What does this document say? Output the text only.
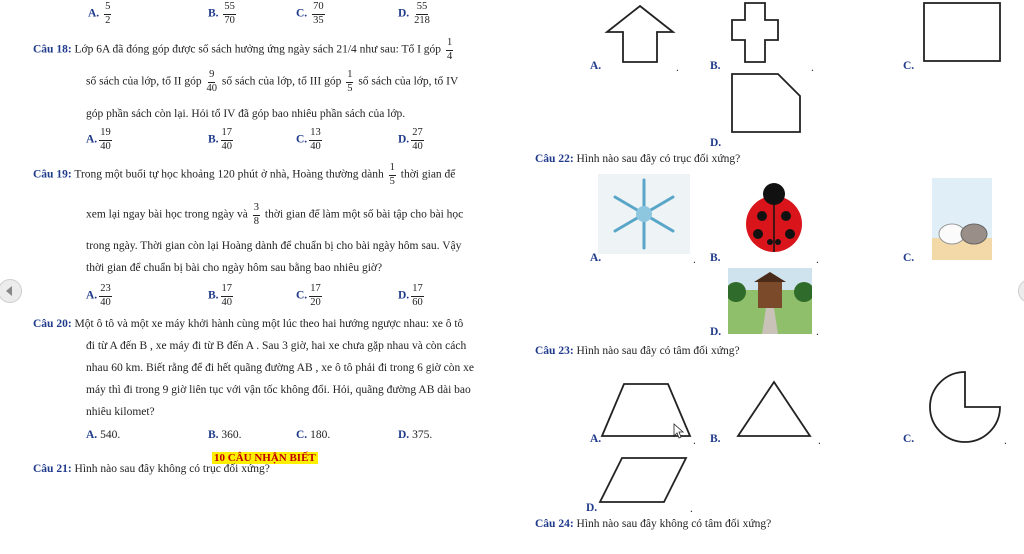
A. $\frac{5}{2}$	B. $\frac{55}{70}$	C. $\frac{70}{35}$	D. $\frac{55}{218}$
Câu 18: Lớp 6A đã đóng góp được số sách hưởng ứng ngày sách 21/4 như sau: Tổ I góp $\frac{1}{4}$
số sách của lớp, tổ II góp $\frac{9}{40}$ số sách của lớp, tổ III góp $\frac{1}{5}$ số sách của lớp, tổ IV
góp phần sách còn lại. Hỏi tổ IV đã góp bao nhiêu phần sách của lớp.
A. $\frac{19}{40}$	B. $\frac{17}{40}$	C. $\frac{13}{40}$	D. $\frac{27}{40}$
Câu 19: Trong một buổi tự học khoảng 120 phút ở nhà, Hoàng thường dành $\frac{1}{5}$ thời gian để
xem lại ngay bài học trong ngày và $\frac{3}{8}$ thời gian để làm một số bài tập cho bài học
trong ngày. Thời gian còn lại Hoàng dành để chuẩn bị cho bài ngày hôm sau. Vậy
thời gian để chuẩn bị bài cho ngày hôm sau bằng bao nhiêu giờ?
A. $\frac{23}{40}$	B. $\frac{17}{40}$	C. $\frac{17}{20}$	D. $\frac{17}{60}$
Câu 20: Một ô tô và một xe máy khởi hành cùng một lúc theo hai hướng ngược nhau: xe ô tô
đi từ A đến B , xe máy đi từ B đến A . Sau 3 giờ, hai xe chưa gặp nhau và còn cách
nhau 60 km. Biết rằng để đi hết quãng đường AB , xe ô tô phải đi trong 6 giờ còn xe
máy thì đi trong 9 giờ liên tục với vận tốc không đổi. Hỏi, quãng đường AB dài bao
nhiêu kilomet?
A. 540.	B. 360.	C. 180.	D. 375.
10 CÂU NHẬN BIẾT
Câu 21: Hình nào sau đây không có trục đối xứng?
A.	B.	C.
D.
Câu 22: Hình nào sau đây có trục đối xứng?
A.	B.	C.
D.
Câu 23: Hình nào sau đây có tâm đối xứng?
A.	B.	C.
D.
Câu 24: Hình nào sau đây không có tâm đối xứng?
.	.
.	.
.
.	.	.
.
